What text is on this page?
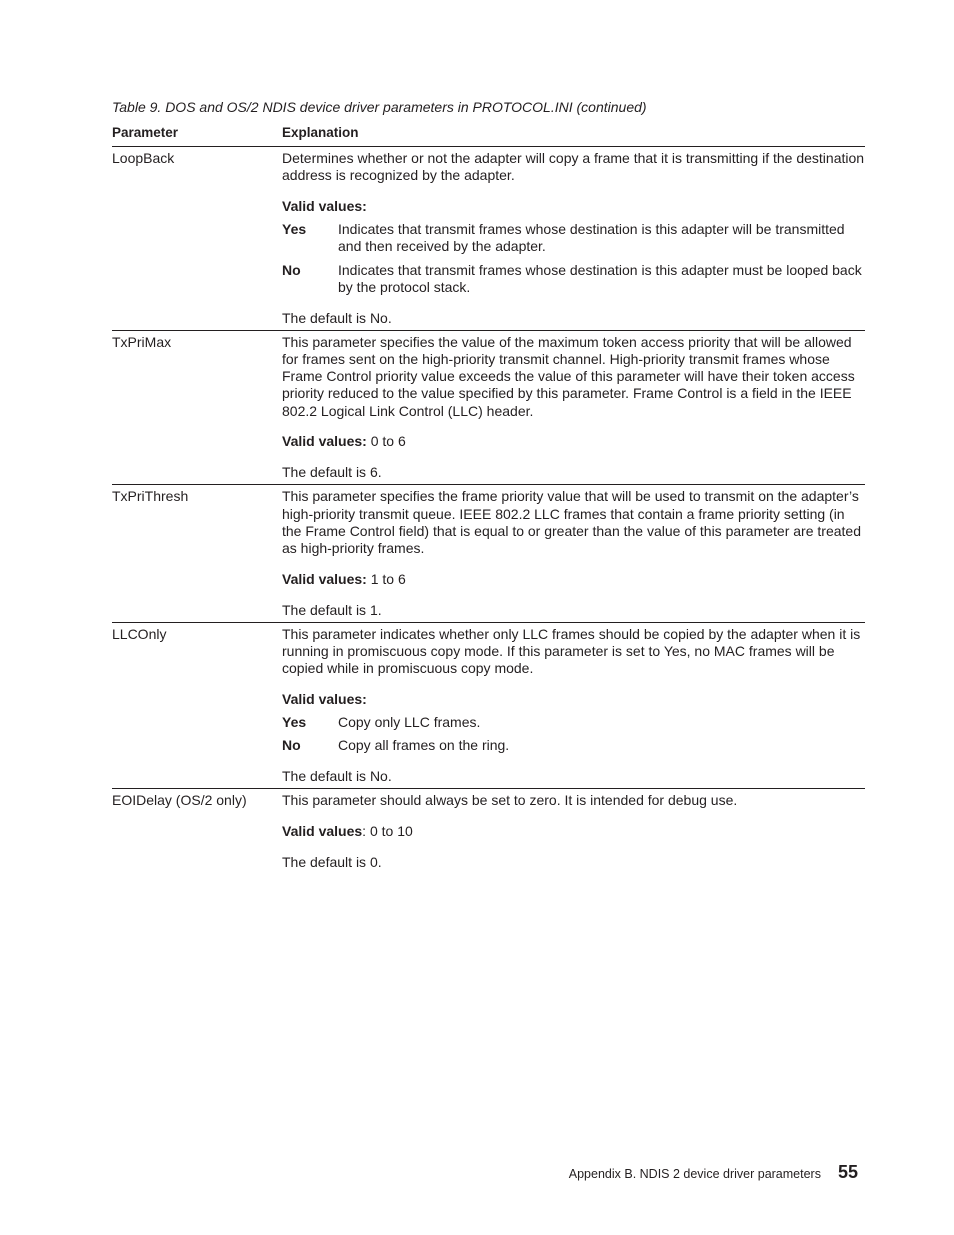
Table 9. DOS and OS/2 NDIS device driver parameters in PROTOCOL.INI (continued)
Parameter	Explanation
LoopBack	Determines whether or not the adapter will copy a frame that it is transmitting if the destination address is recognized by the adapter.

Valid values:

Yes	Indicates that transmit frames whose destination is this adapter will be transmitted and then received by the adapter.
No	Indicates that transmit frames whose destination is this adapter must be looped back by the protocol stack.

The default is No.

TxPriMax	This parameter specifies the value of the maximum token access priority that will be allowed for frames sent on the high-priority transmit channel. High-priority transmit frames whose Frame Control priority value exceeds the value of this parameter will have their token access priority reduced to the value specified by this parameter. Frame Control is a field in the IEEE 802.2 Logical Link Control (LLC) header.

Valid values: 0 to 6

The default is 6.

TxPriThresh	This parameter specifies the frame priority value that will be used to transmit on the adapter’s high-priority transmit queue. IEEE 802.2 LLC frames that contain a frame priority setting (in the Frame Control field) that is equal to or greater than the value of this parameter are treated as high-priority frames.

Valid values: 1 to 6

The default is 1.

LLCOnly	This parameter indicates whether only LLC frames should be copied by the adapter when it is running in promiscuous copy mode. If this parameter is set to Yes, no MAC frames will be copied while in promiscuous copy mode.

Valid values:

Yes	Copy only LLC frames.
No	Copy all frames on the ring.

The default is No.

EOIDelay (OS/2 only)	This parameter should always be set to zero. It is intended for debug use.

Valid values: 0 to 10

The default is 0.

Appendix B. NDIS 2 device driver parameters 55
